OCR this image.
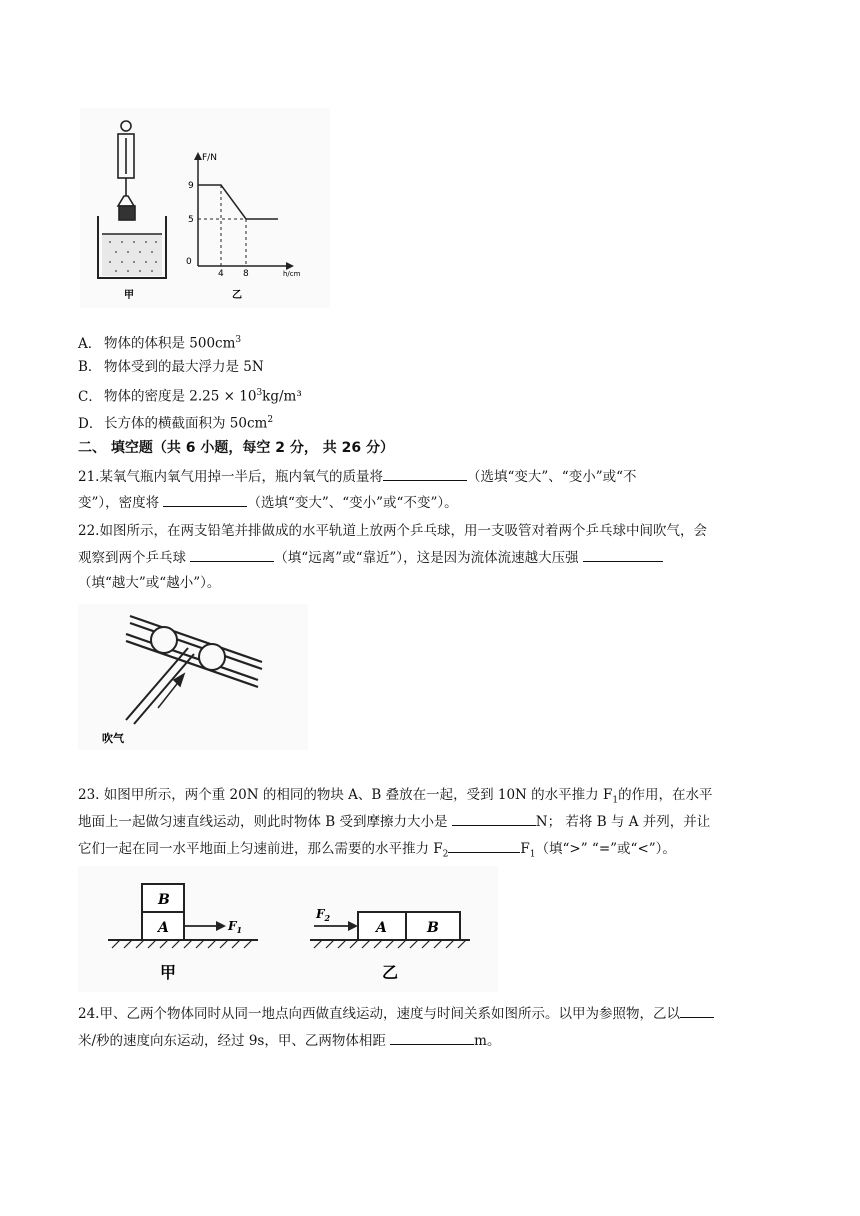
甲
F/N
h/cm
0
9
5
4 8
乙
A． 物体的体积是 $500cm^3$
B． 物体受到的最大浮力是 5N
C． 物体的密度是 $2.25 \times 10^3kg/m^3$
D． 长方体的横截面积为 $50cm^2$
二、 填空题（共 6 小题，每空 2 分， 共 26 分）
21.某氧气瓶内氧气用掉一半后，瓶内氧气的质量将	（选填“变大”、“变小”或“不
变”），密度将	（选填“变大”、“变小”或“不变”）。
22.如图所示，在两支铅笔并排做成的水平轨道上放两个乒乓球，用一支吸管对着两个乒乓球中间吹气，会
观察到两个乒乓球	（填“远离”或“靠近”），这是因为流体流速越大压强
（填“越大”或“越小”）。
吹气
23. 如图甲所示，两个重 20N 的相同的物块 A、B 叠放在一起，受到 10N 的水平推力 $F_1$的作用，在水平
地面上一起做匀速直线运动，则此时物体 B 受到摩擦力大小是	N； 若将 B 与 A 并列，并让
它们一起在同一水平地面上匀速前进，那么需要的水平推力 $F_2$	$F_1$（填“>” “=”或“<”）。
B
A	$F_1$
甲
$F_2$
A	B
乙
24.甲、乙两个物体同时从同一地点向西做直线运动，速度与时间关系如图所示。以甲为参照物，乙以
米/秒的速度向东运动，经过 9s，甲、乙两物体相距	m。
